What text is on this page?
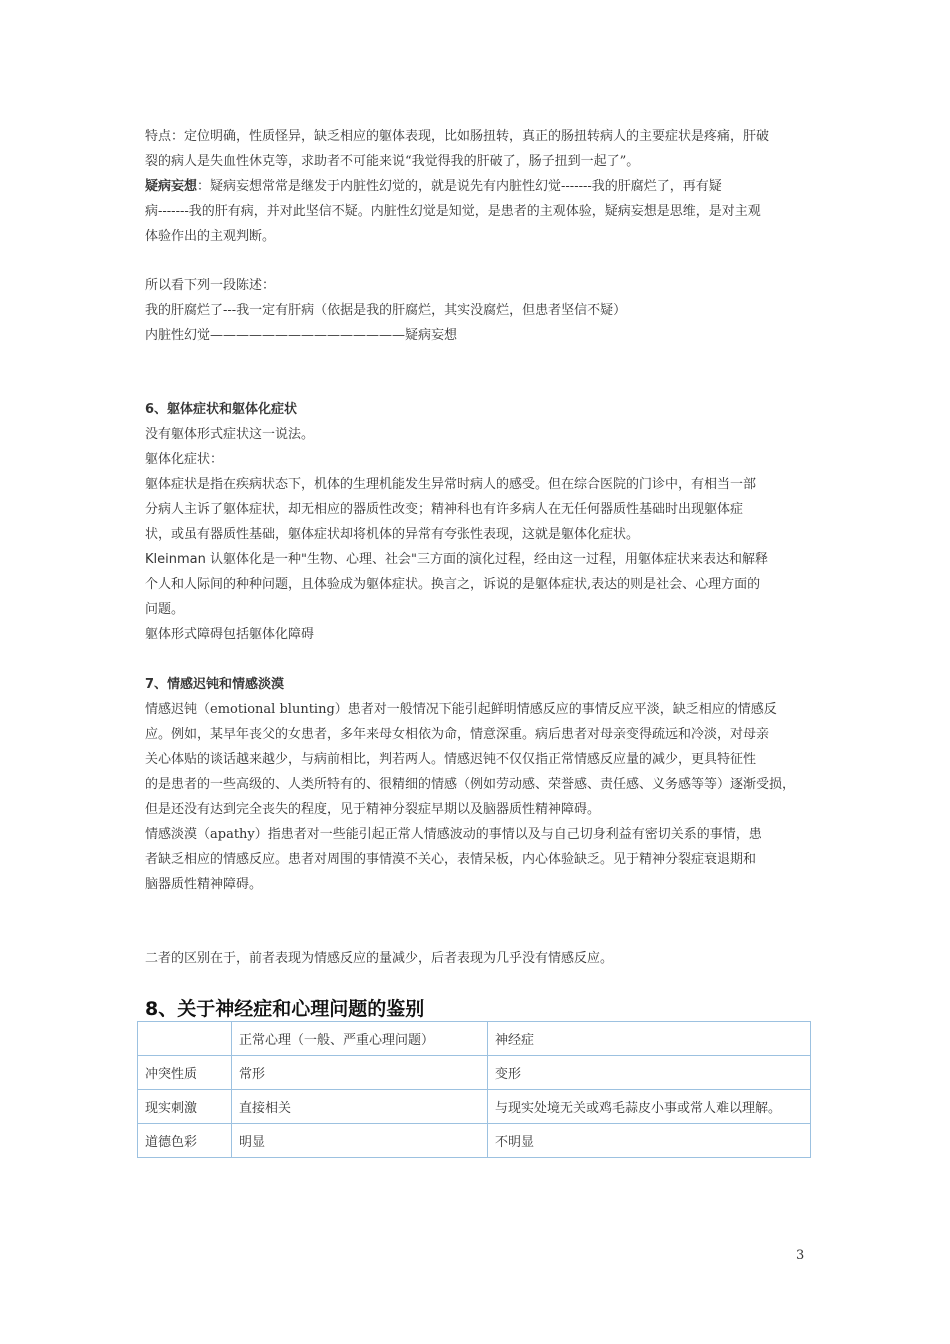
特点：定位明确，性质怪异，缺乏相应的躯体表现，比如肠扭转，真正的肠扭转病人的主要症状是疼痛，肝破
裂的病人是失血性休克等，求助者不可能来说“我觉得我的肝破了，肠子扭到一起了”。
疑病妄想：疑病妄想常常是继发于内脏性幻觉的，就是说先有内脏性幻觉-------我的肝腐烂了，再有疑
病-------我的肝有病，并对此坚信不疑。内脏性幻觉是知觉，是患者的主观体验，疑病妄想是思维，是对主观
体验作出的主观判断。
所以看下列一段陈述：
我的肝腐烂了---我一定有肝病（依据是我的肝腐烂，其实没腐烂，但患者坚信不疑）
内脏性幻觉———————————————疑病妄想
6、躯体症状和躯体化症状
没有躯体形式症状这一说法。
躯体化症状：
躯体症状是指在疾病状态下，机体的生理机能发生异常时病人的感受。但在综合医院的门诊中，有相当一部
分病人主诉了躯体症状，却无相应的器质性改变；精神科也有许多病人在无任何器质性基础时出现躯体症
状，或虽有器质性基础，躯体症状却将机体的异常有夸张性表现，这就是躯体化症状。
Kleinman 认躯体化是一种"生物、心理、社会"三方面的演化过程，经由这一过程，用躯体症状来表达和解释
个人和人际间的种种问题，且体验成为躯体症状。换言之，诉说的是躯体症状,表达的则是社会、心理方面的
问题。
躯体形式障碍包括躯体化障碍
7、情感迟钝和情感淡漠
情感迟钝（emotional blunting）患者对一般情况下能引起鲜明情感反应的事情反应平淡，缺乏相应的情感反
应。例如，某早年丧父的女患者，多年来母女相依为命，情意深重。病后患者对母亲变得疏远和冷淡，对母亲
关心体贴的谈话越来越少，与病前相比，判若两人。情感迟钝不仅仅指正常情感反应量的减少，更具特征性
的是患者的一些高级的、人类所特有的、很精细的情感（例如劳动感、荣誉感、责任感、义务感等等）逐渐受损，
但是还没有达到完全丧失的程度，见于精神分裂症早期以及脑器质性精神障碍。
情感淡漠（apathy）指患者对一些能引起正常人情感波动的事情以及与自己切身利益有密切关系的事情，患
者缺乏相应的情感反应。患者对周围的事情漠不关心，表情呆板，内心体验缺乏。见于精神分裂症衰退期和
脑器质性精神障碍。
二者的区别在于，前者表现为情感反应的量减少，后者表现为几乎没有情感反应。
8、关于神经症和心理问题的鉴别
	正常心理（一般、严重心理问题）	神经症
冲突性质	常形	变形
现实刺激	直接相关	与现实处境无关或鸡毛蒜皮小事或常人难以理解。
道德色彩	明显	不明显
3
